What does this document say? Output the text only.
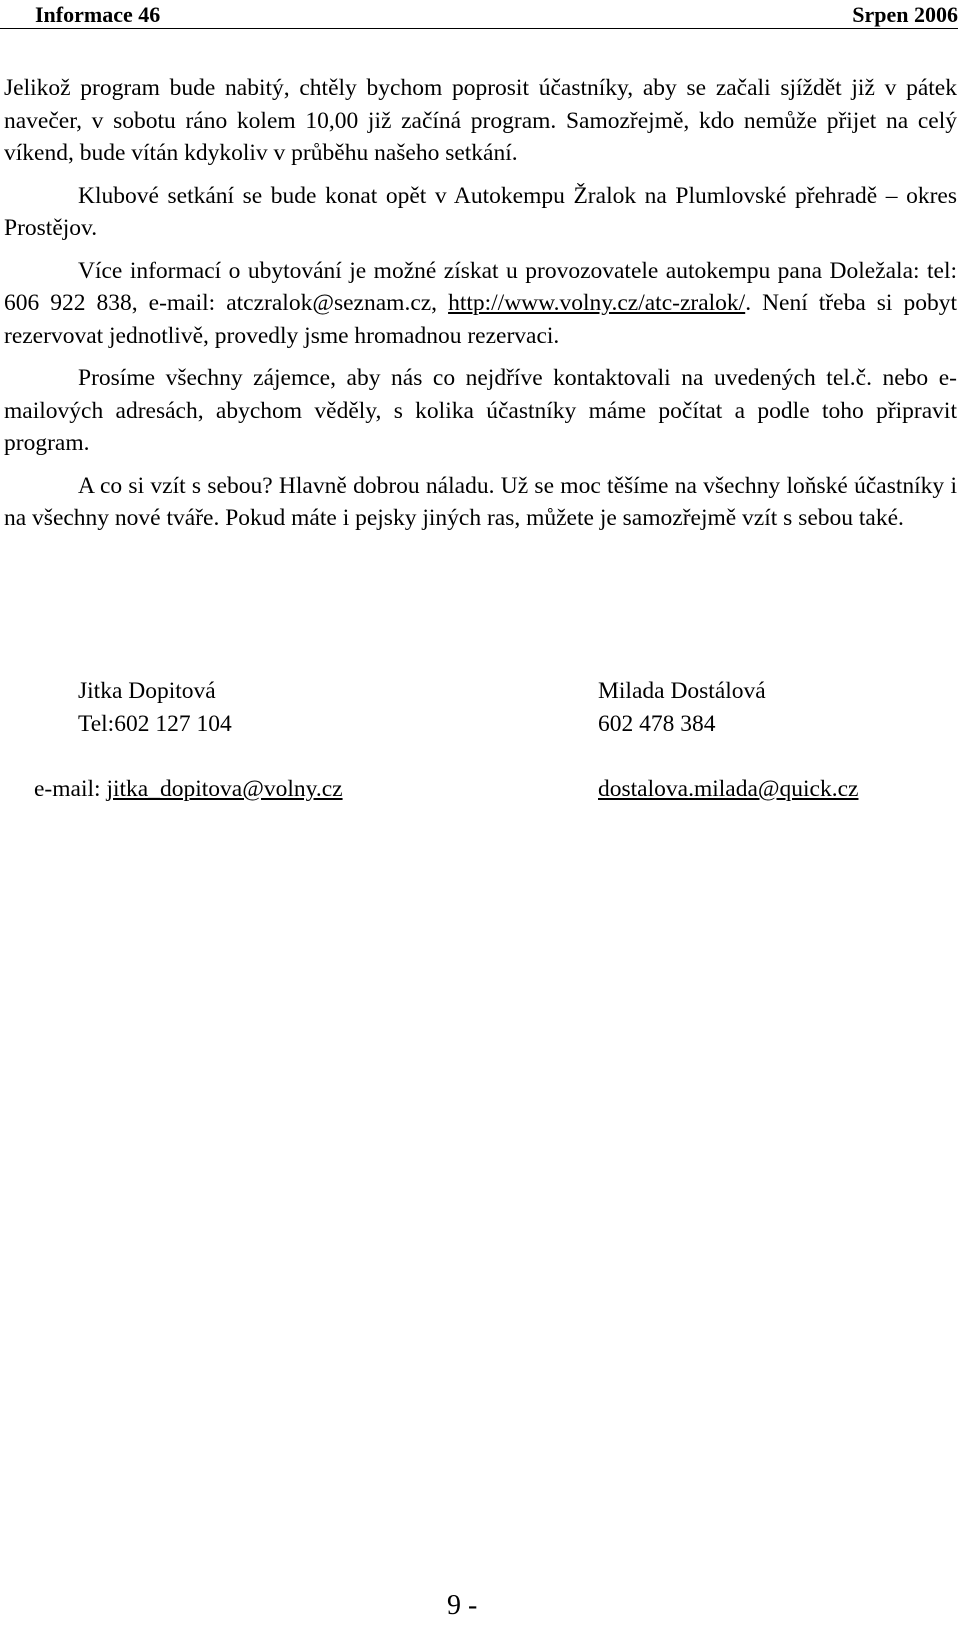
Informace 46	Srpen 2006

Jelikož program bude nabitý, chtěly bychom poprosit účastníky, aby se začali sjíždět již v pátek navečer, v sobotu ráno kolem 10,00 již začíná program. Samozřejmě, kdo nemůže přijet na celý víkend, bude vítán kdykoliv v průběhu našeho setkání.

Klubové setkání se bude konat opět v Autokempu Žralok na Plumlovské přehradě – okres Prostějov.

Více informací o ubytování je možné získat u provozovatele autokempu pana Doležala: tel: 606 922 838, e-mail: atczralok@seznam.cz, http://www.volny.cz/atc-zralok/. Není třeba si pobyt rezervovat jednotlivě, provedly jsme hromadnou rezervaci.

Prosíme všechny zájemce, aby nás co nejdříve kontaktovali na uvedených tel.č. nebo e-mailových adresách, abychom věděly, s kolika účastníky máme počítat a podle toho připravit program.

A co si vzít s sebou? Hlavně dobrou náladu. Už se moc těšíme na všechny loňské účastníky i na všechny nové tváře. Pokud máte i pejsky jiných ras, můžete je samozřejmě vzít s sebou také.

Jitka Dopitová
Tel:602 127 104
e-mail: jitka_dopitova@volny.cz
Milada Dostálová
602 478 384
dostalova.milada@quick.cz
9 -
